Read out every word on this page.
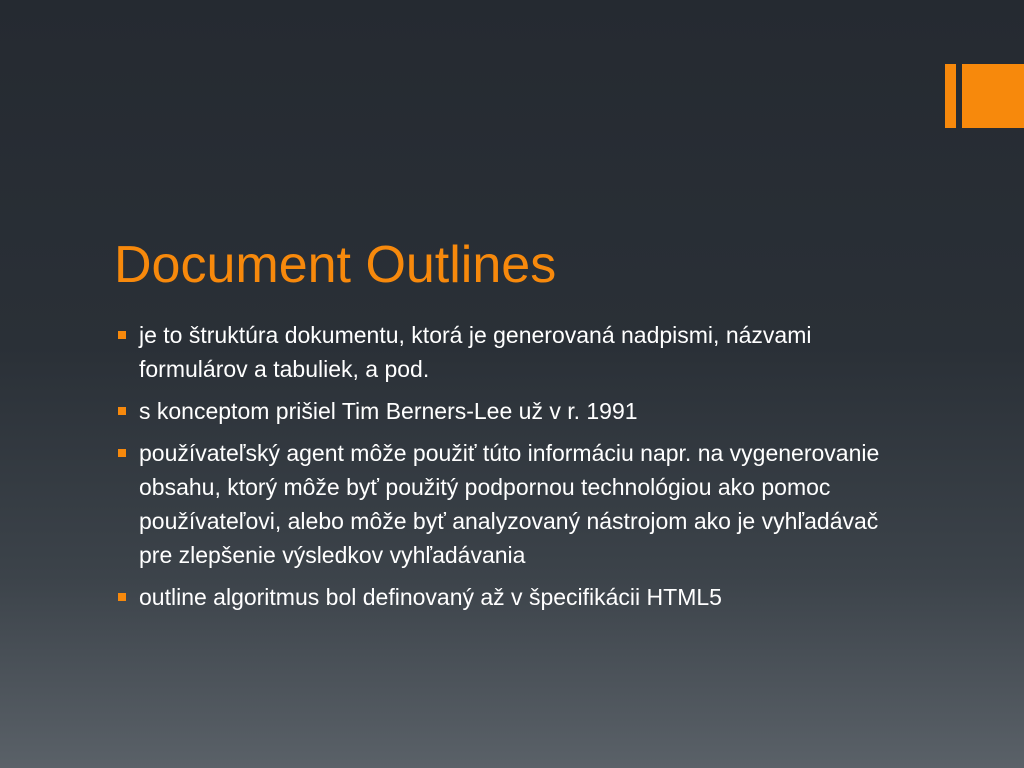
Document Outlines
je to štruktúra dokumentu, ktorá je generovaná nadpismi, názvami formulárov a tabuliek, a pod.
s konceptom prišiel Tim Berners-Lee už v r. 1991
používateľský agent môže použiť túto informáciu napr. na vygenerovanie obsahu, ktorý môže byť použitý podpornou technológiou ako pomoc používateľovi, alebo môže byť analyzovaný nástrojom ako je vyhľadávač pre zlepšenie výsledkov vyhľadávania
outline algoritmus bol definovaný až v špecifikácii HTML5
